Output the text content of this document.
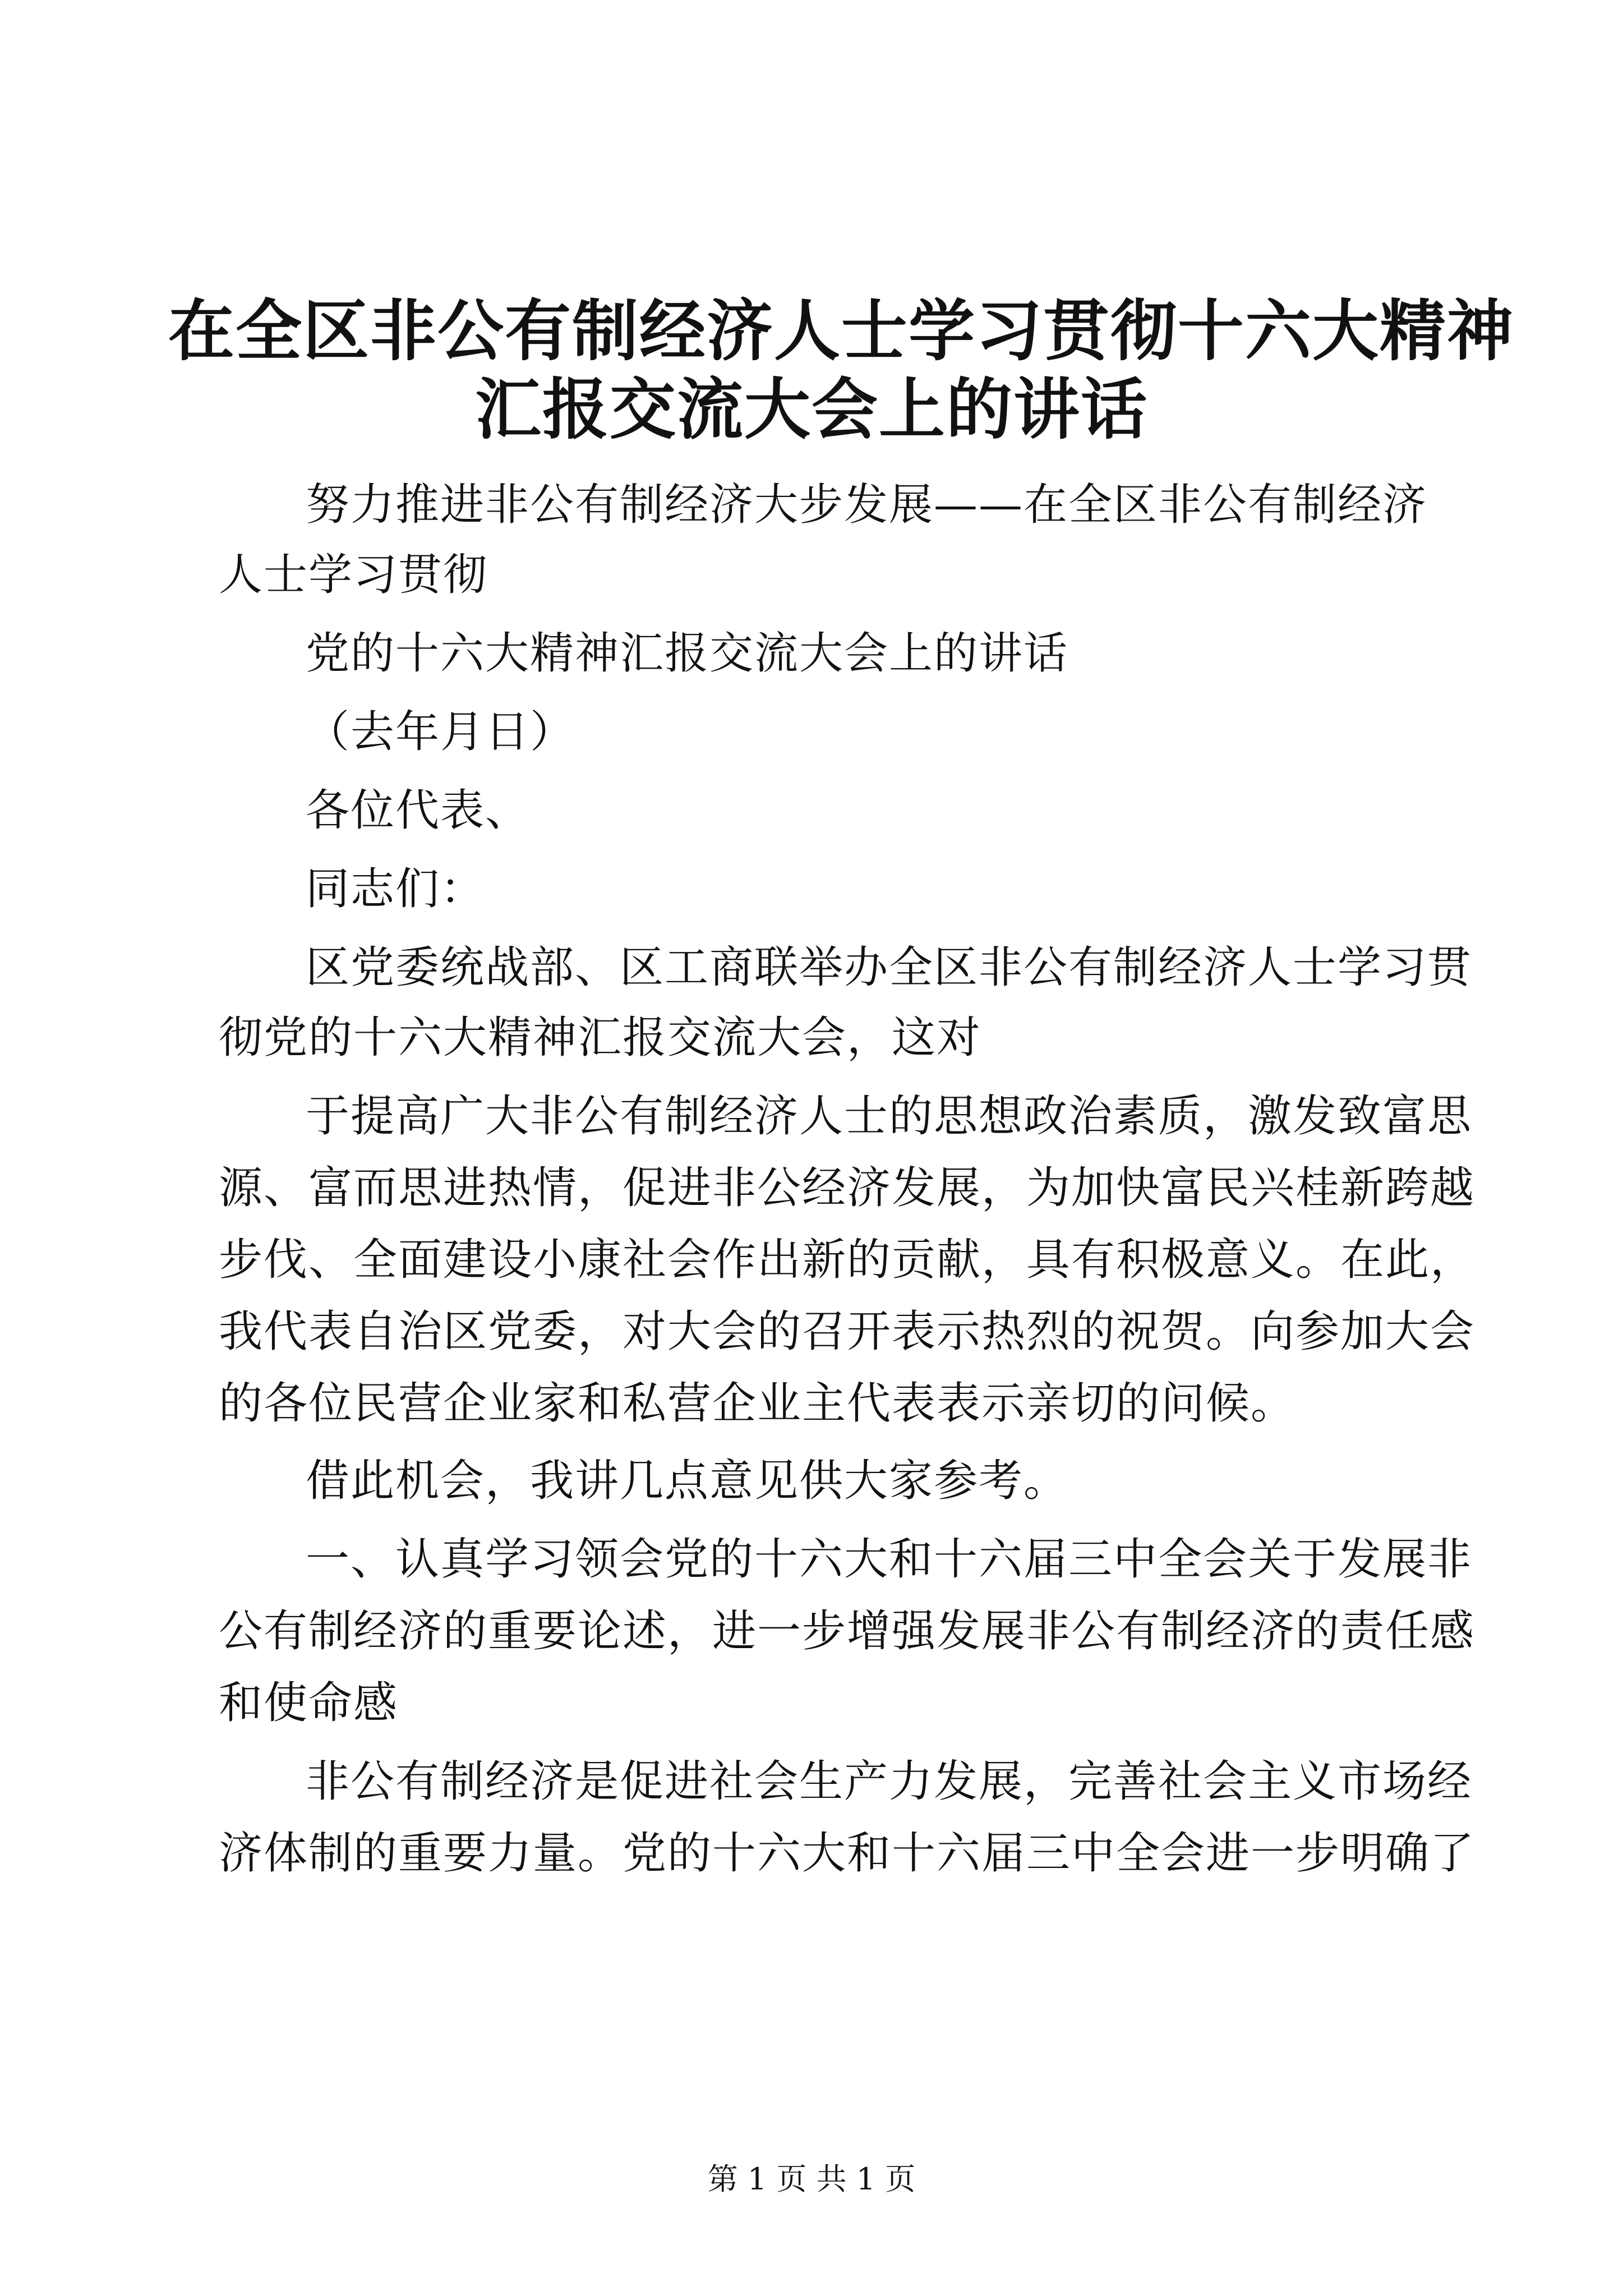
在全区非公有制经济人士学习贯彻十六大精神
汇报交流大会上的讲话
努力推进非公有制经济大步发展——在全区非公有制经济
人士学习贯彻
党的十六大精神汇报交流大会上的讲话
（去年月日）
各位代表、
同志们：
区党委统战部、区工商联举办全区非公有制经济人士学习贯
彻党的十六大精神汇报交流大会，这对
于提高广大非公有制经济人士的思想政治素质，激发致富思
源、富而思进热情，促进非公经济发展，为加快富民兴桂新跨越
步伐、全面建设小康社会作出新的贡献，具有积极意义。在此，
我代表自治区党委，对大会的召开表示热烈的祝贺。向参加大会
的各位民营企业家和私营企业主代表表示亲切的问候。
借此机会，我讲几点意见供大家参考。
一、认真学习领会党的十六大和十六届三中全会关于发展非
公有制经济的重要论述，进一步增强发展非公有制经济的责任感
和使命感
非公有制经济是促进社会生产力发展，完善社会主义市场经
济体制的重要力量。党的十六大和十六届三中全会进一步明确了
第 1 页 共 1 页
